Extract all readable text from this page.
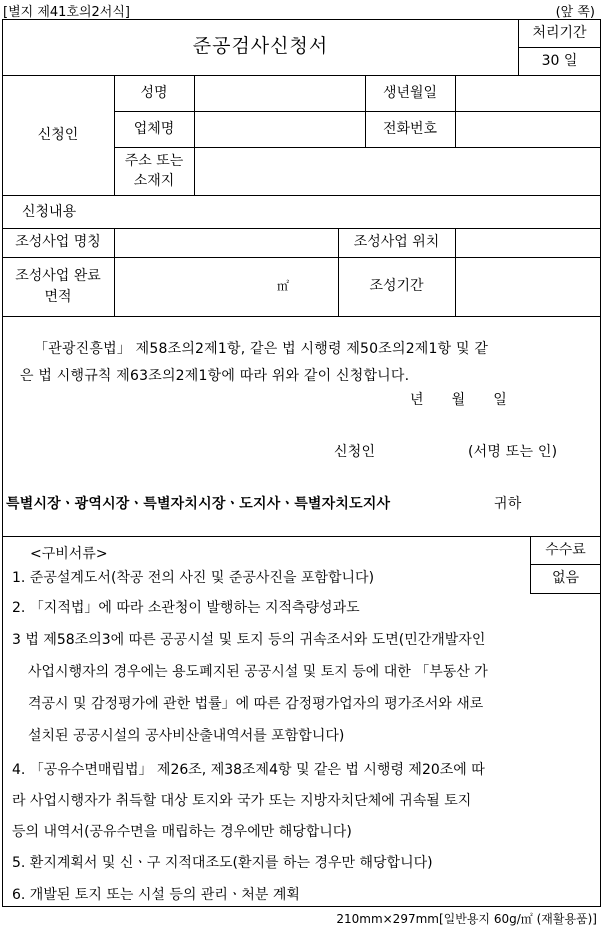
[별지 제41호의2서식]	(앞 쪽)
준공검사신청서
처리기간
30 일
신청인
성명	생년월일
업체명	전화번호
주소 또는
소재지
신청내용
조성사업 명칭	조성사업 위치
조성사업 완료
면적
㎡	조성기간
「관광진흥법」 제58조의2제1항, 같은 법 시행령 제50조의2제1항 및 같
은 법 시행규칙 제63조의2제1항에 따라 위와 같이 신청합니다.
년      월      일
신청인	(서명 또는 인)
특별시장ㆍ광역시장ㆍ특별자치시장ㆍ도지사ㆍ특별자치도지사	귀하
<구비서류>	수수료
없음
1. 준공설계도서(착공 전의 사진 및 준공사진을 포함합니다)
2. 「지적법」에 따라 소관청이 발행하는 지적측량성과도
3 법 제58조의3에 따른 공공시설 및 토지 등의 귀속조서와 도면(민간개발자인
사업시행자의 경우에는 용도폐지된 공공시설 및 토지 등에 대한 「부동산 가
격공시 및 감정평가에 관한 법률」에 따른 감정평가업자의 평가조서와 새로
설치된 공공시설의 공사비산출내역서를 포함합니다)
4. 「공유수면매립법」 제26조, 제38조제4항 및 같은 법 시행령 제20조에 따
라 사업시행자가 취득할 대상 토지와 국가 또는 지방자치단체에 귀속될 토지
등의 내역서(공유수면을 매립하는 경우에만 해당합니다)
5. 환지계획서 및 신ㆍ구 지적대조도(환지를 하는 경우만 해당합니다)
6. 개발된 토지 또는 시설 등의 관리ㆍ처분 계획
210mm×297mm[일반용지 60g/㎡ (재활용품)]
